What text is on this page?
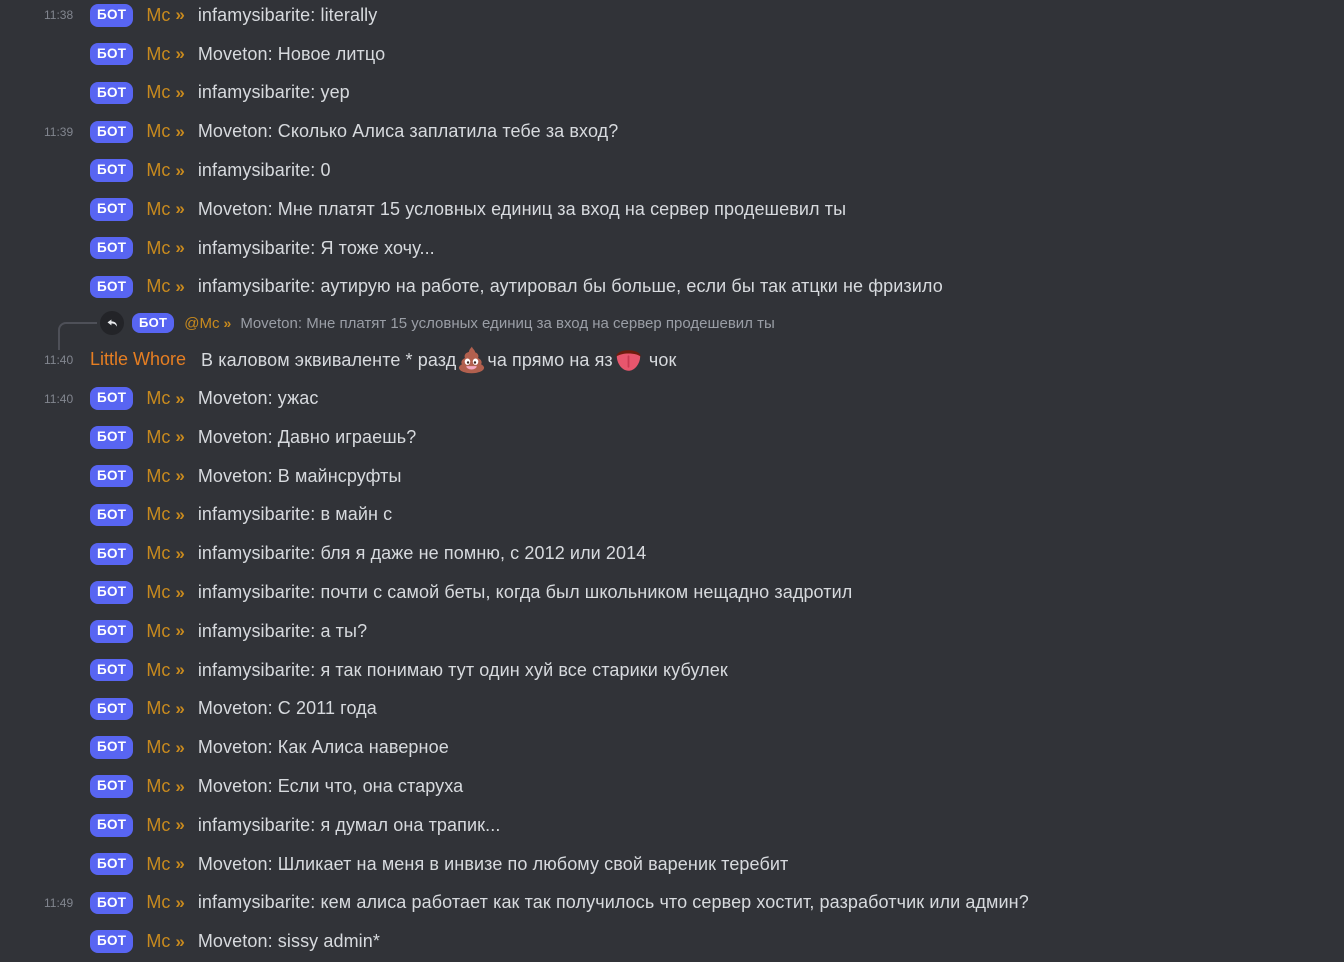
11:38	БОТ	Mc » infamysibarite: literally
БОТ	Mc » Moveton: Новое литцо
БОТ	Mc » infamysibarite: yep
11:39	БОТ	Mc » Moveton: Сколько Алиса заплатила тебе за вход?
БОТ	Mc » infamysibarite: 0
БОТ	Mc » Moveton: Мне платят 15 условных единиц за вход на сервер продешевил ты
БОТ	Mc » infamysibarite: Я тоже хочу...
БОТ	Mc » infamysibarite: аутирую на работе, аутировал бы больше, если бы так атцки не фризило
БОТ	@Mc » Moveton: Мне платят 15 условных единиц за вход на сервер продешевил ты
11:40 Little Whore В каловом эквиваленте * разд ча прямо на яз чок
11:40	БОТ	Mc » Moveton: ужас
БОТ	Mc » Moveton: Давно играешь?
БОТ	Mc » Moveton: В майнсруфты
БОТ	Mc » infamysibarite: в майн с
БОТ	Mc » infamysibarite: бля я даже не помню, с 2012 или 2014
БОТ	Mc » infamysibarite: почти с самой беты, когда был школьником нещадно задротил
БОТ	Mc » infamysibarite: а ты?
БОТ	Mc » infamysibarite: я так понимаю тут один хуй все старики кубулек
БОТ	Mc » Moveton: С 2011 года
БОТ	Mc » Moveton: Как Алиса наверное
БОТ	Mc » Moveton: Если что, она старуха
БОТ	Mc » infamysibarite: я думал она трапик...
БОТ	Mc » Moveton: Шликает на меня в инвизе по любому свой вареник теребит
11:49	БОТ	Mc » infamysibarite: кем алиса работает как так получилось что сервер хостит, разработчик или админ?
БОТ	Mc » Moveton: sissy admin*
